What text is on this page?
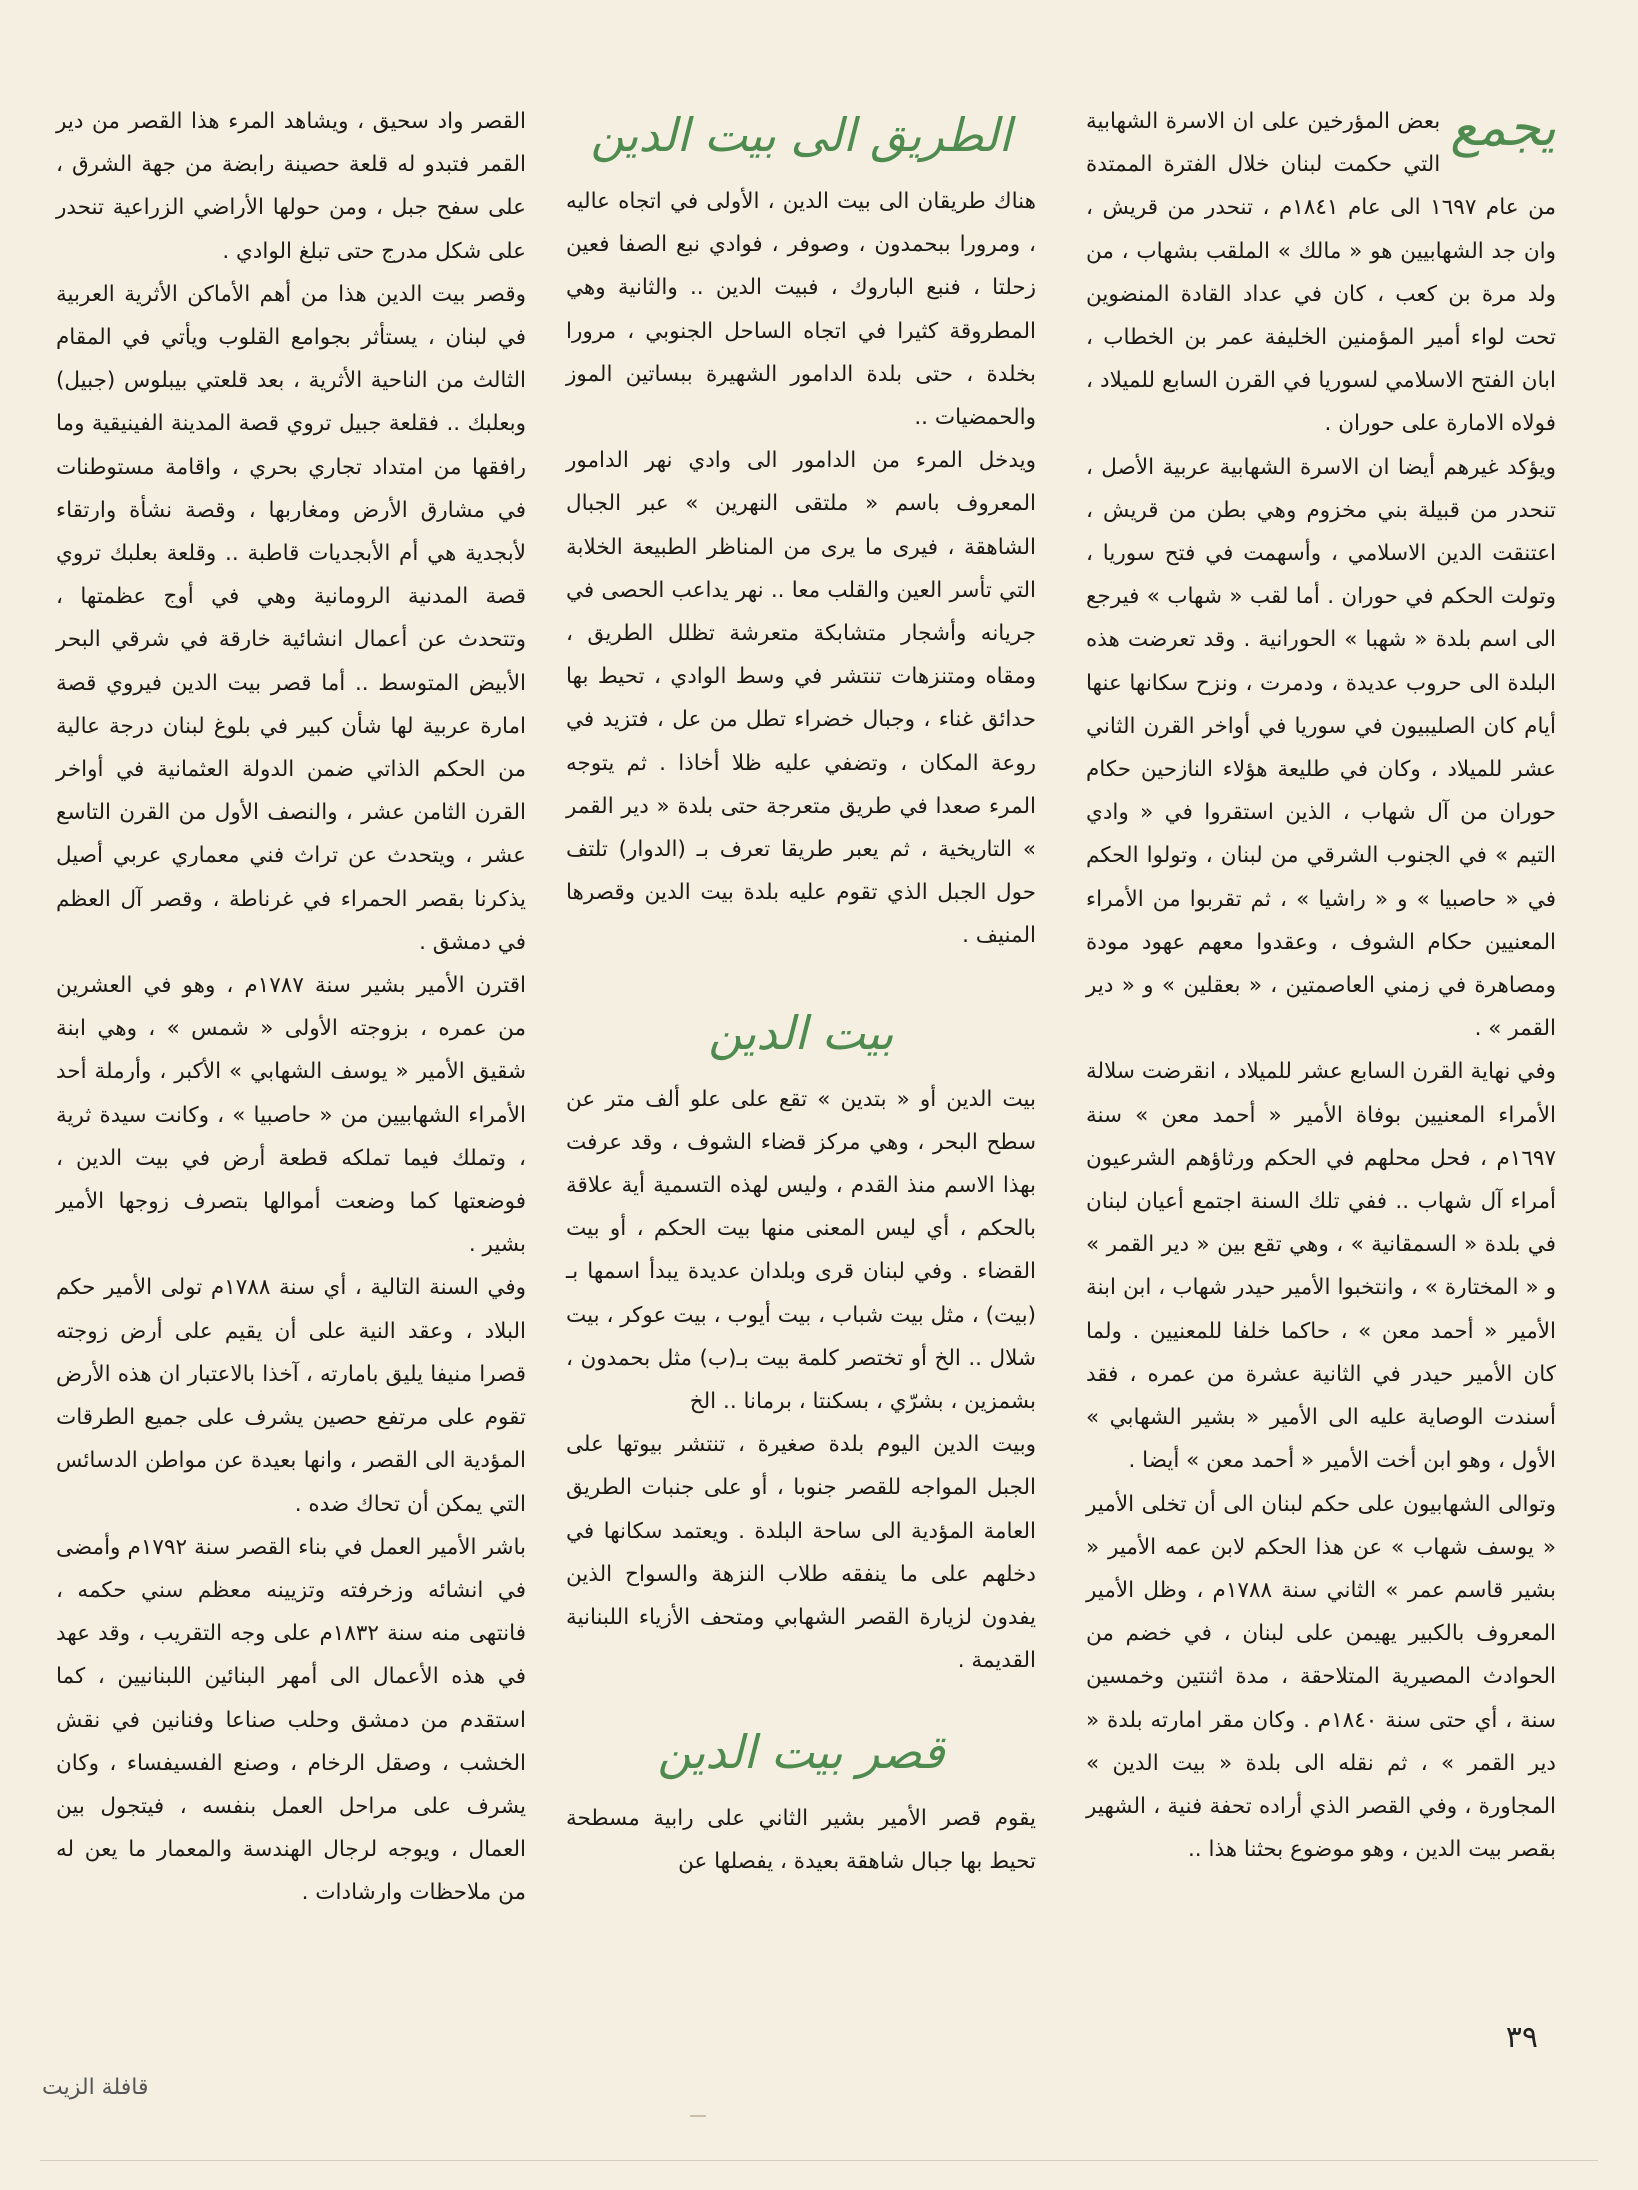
يجمع
بعض المؤرخين على ان الاسرة الشهابية التي حكمت لبنان خلال الفترة الممتدة من عام ١٦٩٧ الى عام ١٨٤١م ، تنحدر من قريش ، وان جد الشهابيين هو « مالك » الملقب بشهاب ، من ولد مرة بن كعب ، كان في عداد القادة المنضوين تحت لواء أمير المؤمنين الخليفة عمر بن الخطاب ، ابان الفتح الاسلامي لسوريا في القرن السابع للميلاد ، فولاه الامارة على حوران .

ويؤكد غيرهم أيضا ان الاسرة الشهابية عربية الأصل ، تنحدر من قبيلة بني مخزوم وهي بطن من قريش ، اعتنقت الدين الاسلامي ، وأسهمت في فتح سوريا ، وتولت الحكم في حوران . أما لقب « شهاب » فيرجع الى اسم بلدة « شهبا » الحورانية . وقد تعرضت هذه البلدة الى حروب عديدة ، ودمرت ، ونزح سكانها عنها أيام كان الصليبيون في سوريا في أواخر القرن الثاني عشر للميلاد ، وكان في طليعة هؤلاء النازحين حكام حوران من آل شهاب ، الذين استقروا في « وادي التيم » في الجنوب الشرقي من لبنان ، وتولوا الحكم في « حاصبيا » و « راشيا » ، ثم تقربوا من الأمراء المعنيين حكام الشوف ، وعقدوا معهم عهود مودة ومصاهرة في زمني العاصمتين ، « بعقلين » و « دير القمر » .

وفي نهاية القرن السابع عشر للميلاد ، انقرضت سلالة الأمراء المعنيين بوفاة الأمير « أحمد معن » سنة ١٦٩٧م ، فحل محلهم في الحكم ورثاؤهم الشرعيون أمراء آل شهاب .. ففي تلك السنة اجتمع أعيان لبنان في بلدة « السمقانية » ، وهي تقع بين « دير القمر » و « المختارة » ، وانتخبوا الأمير حيدر شهاب ، ابن ابنة الأمير « أحمد معن » ، حاكما خلفا للمعنيين . ولما كان الأمير حيدر في الثانية عشرة من عمره ، فقد أسندت الوصاية عليه الى الأمير « بشير الشهابي » الأول ، وهو ابن أخت الأمير « أحمد معن » أيضا .

وتوالى الشهابيون على حكم لبنان الى أن تخلى الأمير « يوسف شهاب » عن هذا الحكم لابن عمه الأمير « بشير قاسم عمر » الثاني سنة ١٧٨٨م ، وظل الأمير المعروف بالكبير يهيمن على لبنان ، في خضم من الحوادث المصيرية المتلاحقة ، مدة اثنتين وخمسين سنة ، أي حتى سنة ١٨٤٠م . وكان مقر امارته بلدة « دير القمر » ، ثم نقله الى بلدة « بيت الدين » المجاورة ، وفي القصر الذي أراده تحفة فنية ، الشهير بقصر بيت الدين ، وهو موضوع بحثنا هذا ..

الطريق الى بيت الدين

هناك طريقان الى بيت الدين ، الأولى في اتجاه عاليه ، ومرورا ببحمدون ، وصوفر ، فوادي نبع الصفا فعين زحلتا ، فنبع الباروك ، فبيت الدين .. والثانية وهي المطروقة كثيرا في اتجاه الساحل الجنوبي ، مرورا بخلدة ، حتى بلدة الدامور الشهيرة ببساتين الموز والحمضيات ..

ويدخل المرء من الدامور الى وادي نهر الدامور المعروف باسم « ملتقى النهرين » عبر الجبال الشاهقة ، فيرى ما يرى من المناظر الطبيعة الخلابة التي تأسر العين والقلب معا .. نهر يداعب الحصى في جريانه وأشجار متشابكة متعرشة تظلل الطريق ، ومقاه ومتنزهات تنتشر في وسط الوادي ، تحيط بها حدائق غناء ، وجبال خضراء تطل من عل ، فتزيد في روعة المكان ، وتضفي عليه ظلا أخاذا . ثم يتوجه المرء صعدا في طريق متعرجة حتى بلدة « دير القمر » التاريخية ، ثم يعبر طريقا تعرف بـ (الدوار) تلتف حول الجبل الذي تقوم عليه بلدة بيت الدين وقصرها المنيف .

بيت الدين

بيت الدين أو « بتدين » تقع على علو ألف متر عن سطح البحر ، وهي مركز قضاء الشوف ، وقد عرفت بهذا الاسم منذ القدم ، وليس لهذه التسمية أية علاقة بالحكم ، أي ليس المعنى منها بيت الحكم ، أو بيت القضاء . وفي لبنان قرى وبلدان عديدة يبدأ اسمها بـ (بيت) ، مثل بيت شباب ، بيت أيوب ، بيت عوكر ، بيت شلال .. الخ أو تختصر كلمة بيت بـ(ب) مثل بحمدون ، بشمزين ، بشرّي ، بسكنتا ، برمانا .. الخ

وبيت الدين اليوم بلدة صغيرة ، تنتشر بيوتها على الجبل المواجه للقصر جنوبا ، أو على جنبات الطريق العامة المؤدية الى ساحة البلدة . ويعتمد سكانها في دخلهم على ما ينفقه طلاب النزهة والسواح الذين يفدون لزيارة القصر الشهابي ومتحف الأزياء اللبنانية القديمة .

قصر بيت الدين

يقوم قصر الأمير بشير الثاني على رابية مسطحة تحيط بها جبال شاهقة بعيدة ، يفصلها عن

القصر واد سحيق ، ويشاهد المرء هذا القصر من دير القمر فتبدو له قلعة حصينة رابضة من جهة الشرق ، على سفح جبل ، ومن حولها الأراضي الزراعية تنحدر على شكل مدرج حتى تبلغ الوادي .

وقصر بيت الدين هذا من أهم الأماكن الأثرية العربية في لبنان ، يستأثر بجوامع القلوب ويأتي في المقام الثالث من الناحية الأثرية ، بعد قلعتي بيبلوس (جبيل) وبعلبك .. فقلعة جبيل تروي قصة المدينة الفينيقية وما رافقها من امتداد تجاري بحري ، واقامة مستوطنات في مشارق الأرض ومغاربها ، وقصة نشأة وارتقاء لأبجدية هي أم الأبجديات قاطبة .. وقلعة بعلبك تروي قصة المدنية الرومانية وهي في أوج عظمتها ، وتتحدث عن أعمال انشائية خارقة في شرقي البحر الأبيض المتوسط .. أما قصر بيت الدين فيروي قصة امارة عربية لها شأن كبير في بلوغ لبنان درجة عالية من الحكم الذاتي ضمن الدولة العثمانية في أواخر القرن الثامن عشر ، والنصف الأول من القرن التاسع عشر ، ويتحدث عن تراث فني معماري عربي أصيل يذكرنا بقصر الحمراء في غرناطة ، وقصر آل العظم في دمشق .

اقترن الأمير بشير سنة ١٧٨٧م ، وهو في العشرين من عمره ، بزوجته الأولى « شمس » ، وهي ابنة شقيق الأمير « يوسف الشهابي » الأكبر ، وأرملة أحد الأمراء الشهابيين من « حاصبيا » ، وكانت سيدة ثرية ، وتملك فيما تملكه قطعة أرض في بيت الدين ، فوضعتها كما وضعت أموالها بتصرف زوجها الأمير بشير .

وفي السنة التالية ، أي سنة ١٧٨٨م تولى الأمير حكم البلاد ، وعقد النية على أن يقيم على أرض زوجته قصرا منيفا يليق بامارته ، آخذا بالاعتبار ان هذه الأرض تقوم على مرتفع حصين يشرف على جميع الطرقات المؤدية الى القصر ، وانها بعيدة عن مواطن الدسائس التي يمكن أن تحاك ضده .

باشر الأمير العمل في بناء القصر سنة ١٧٩٢م وأمضى في انشائه وزخرفته وتزيينه معظم سني حكمه ، فانتهى منه سنة ١٨٣٢م على وجه التقريب ، وقد عهد في هذه الأعمال الى أمهر البنائين اللبنانيين ، كما استقدم من دمشق وحلب صناعا وفنانين في نقش الخشب ، وصقل الرخام ، وصنع الفسيفساء ، وكان يشرف على مراحل العمل بنفسه ، فيتجول بين العمال ، ويوجه لرجال الهندسة والمعمار ما يعن له من ملاحظات وارشادات .

٣٩
قافلة الزيت
